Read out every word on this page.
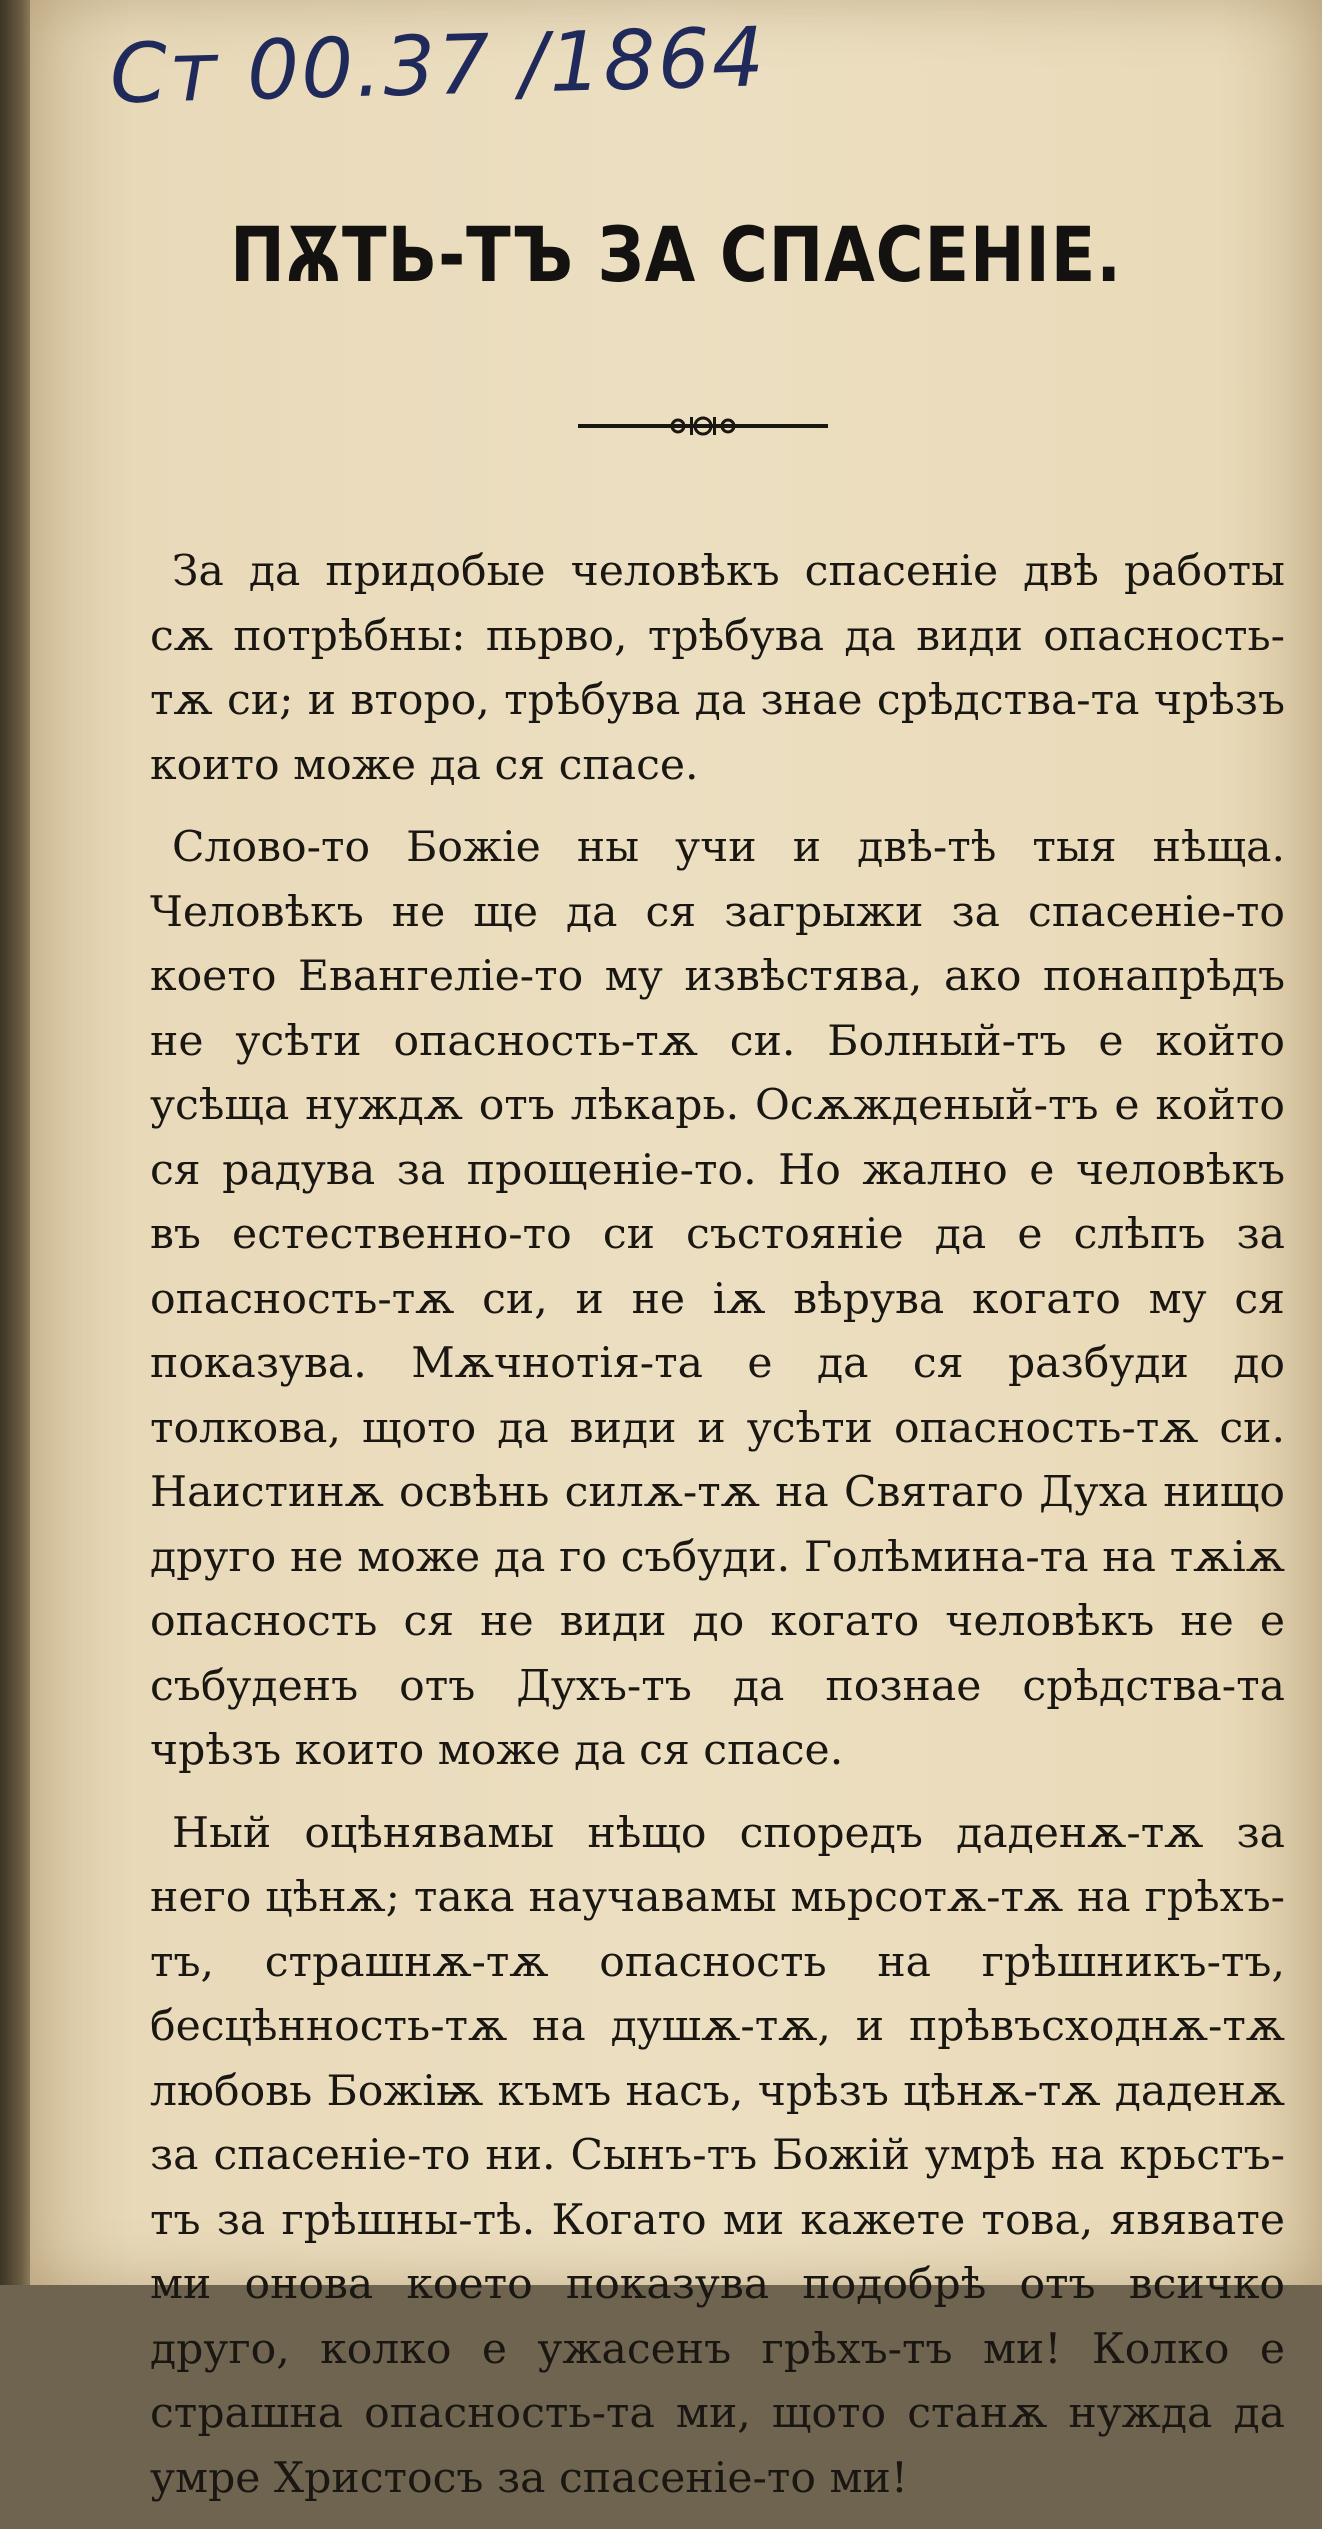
Ст 00.37 /1864
ПѪТЬ-ТЪ ЗА СПАСЕНІЕ.

За да придобые человѣкъ спасеніе двѣ работы сѫ потрѣбны: пьрво, трѣбува да види опасность-тѫ си; и второ, трѣбува да знае срѣдства-та чрѣзъ които може да ся спасе.

Слово-то Божіе ны учи и двѣ-тѣ тыя нѣща. Человѣкъ не ще да ся загрыжи за спасеніе-то което Евангеліе-то му извѣстява, ако понапрѣдъ не усѣти опасность-тѫ си. Болный-тъ е който усѣща нуждѫ отъ лѣкарь. Осѫжденый-тъ е който ся радува за прощеніе-то. Но жално е человѣкъ въ естественно-то си състояніе да е слѣпъ за опасность-тѫ си, и не іѫ вѣрува когато му ся показува. Мѫчнотія-та е да ся разбуди до толкова, щото да види и усѣти опасность-тѫ си. Наистинѫ освѣнь силѫ-тѫ на Святаго Духа нищо друго не може да го събуди. Голѣмина-та на тѫіѫ опасность ся не види до когато человѣкъ не е събуденъ отъ Духъ-тъ да познае срѣдства-та чрѣзъ които може да ся спасе.

Ный оцѣнявамы нѣщо споредъ даденѫ-тѫ за него цѣнѫ; така научавамы мьрсотѫ-тѫ на грѣхъ-тъ, страшнѫ-тѫ опасность на грѣшникъ-тъ, бесцѣнность-тѫ на душѫ-тѫ, и прѣвъсходнѫ-тѫ любовь Божіѭ къмъ насъ, чрѣзъ цѣнѫ-тѫ даденѫ за спасеніе-то ни. Сынъ-тъ Божій умрѣ на крьстъ-тъ за грѣшны-тѣ. Когато ми кажете това, явявате ми онова което показува подобрѣ отъ всичко друго, колко е ужасенъ грѣхъ-тъ ми! Колко е страшна опасность-та ми, щото станѫ нужда да умре Христосъ за спасеніе-то ми!
